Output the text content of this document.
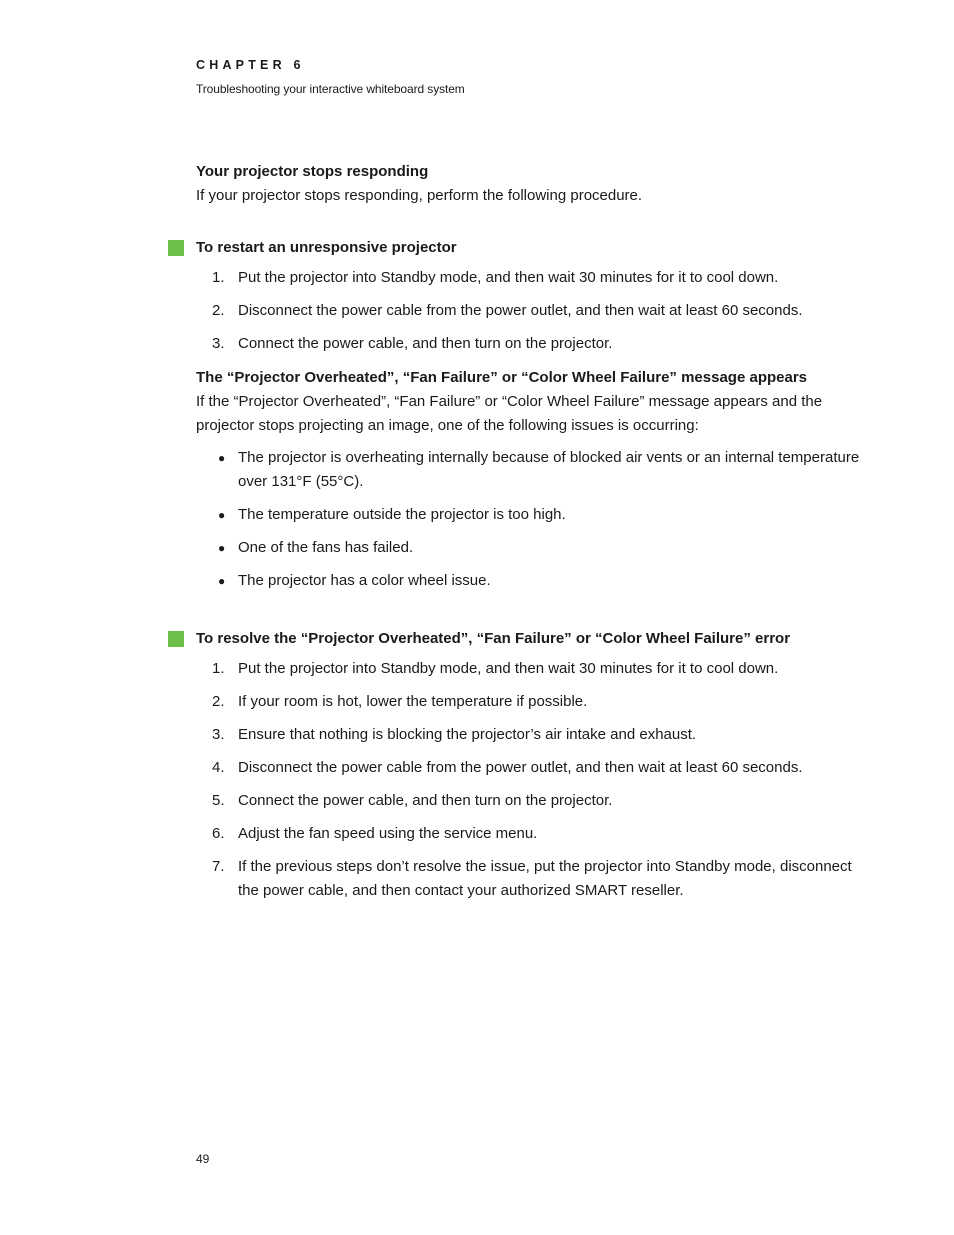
CHAPTER 6
Troubleshooting your interactive whiteboard system
Your projector stops responding

If your projector stops responding, perform the following procedure.

To restart an unresponsive projector
1. Put the projector into Standby mode, and then wait 30 minutes for it to cool down.
2. Disconnect the power cable from the power outlet, and then wait at least 60 seconds.
3. Connect the power cable, and then turn on the projector.
The “Projector Overheated”, “Fan Failure” or “Color Wheel Failure” message appears

If the “Projector Overheated”, “Fan Failure” or “Color Wheel Failure” message appears and the projector stops projecting an image, one of the following issues is occurring:

● The projector is overheating internally because of blocked air vents or an internal temperature over 131°F (55°C).
● The temperature outside the projector is too high.
● One of the fans has failed.
● The projector has a color wheel issue.
To resolve the “Projector Overheated”, “Fan Failure” or “Color Wheel Failure” error
1. Put the projector into Standby mode, and then wait 30 minutes for it to cool down.
2. If your room is hot, lower the temperature if possible.
3. Ensure that nothing is blocking the projector’s air intake and exhaust.
4. Disconnect the power cable from the power outlet, and then wait at least 60 seconds.
5. Connect the power cable, and then turn on the projector.
6. Adjust the fan speed using the service menu.
7. If the previous steps don’t resolve the issue, put the projector into Standby mode, disconnect the power cable, and then contact your authorized SMART reseller.
49
